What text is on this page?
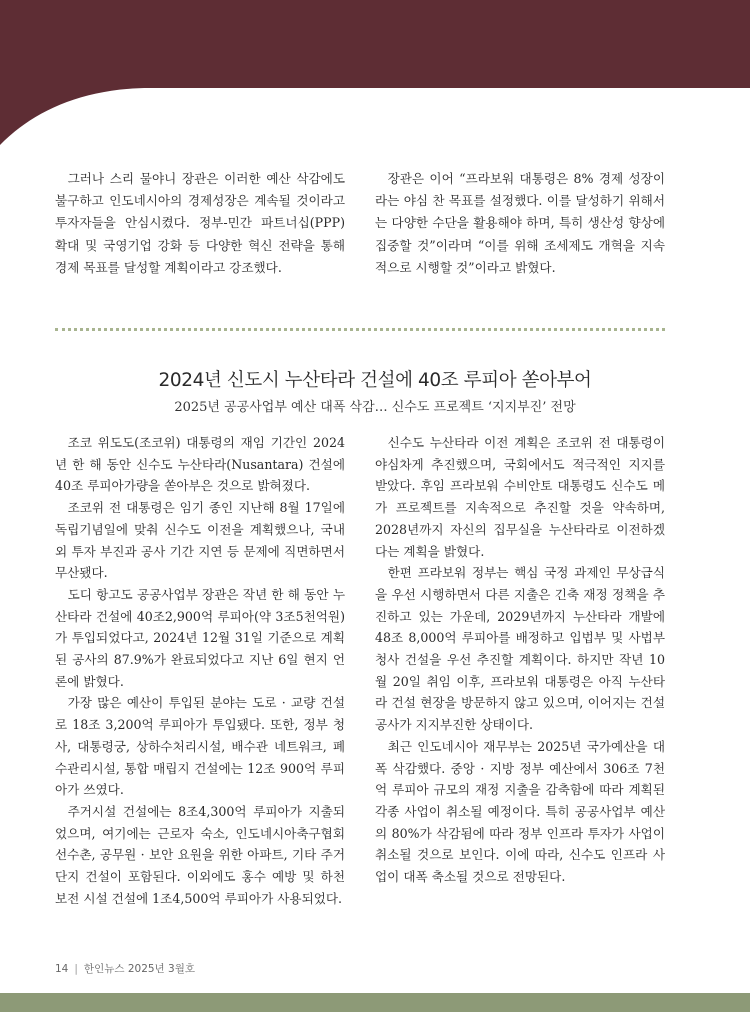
그러나 스리 물야니 장관은 이러한 예산 삭감에도 불구하고 인도네시아의 경제성장은 계속될 것이라고 투자자들을 안심시켰다. 정부-민간 파트너십(PPP) 확대 및 국영기업 강화 등 다양한 혁신 전략을 통해 경제 목표를 달성할 계획이라고 강조했다.

장관은 이어 “프라보워 대통령은 8% 경제 성장이라는 야심 찬 목표를 설정했다. 이를 달성하기 위해서는 다양한 수단을 활용해야 하며, 특히 생산성 향상에 집중할 것”이라며 “이를 위해 조세제도 개혁을 지속적으로 시행할 것”이라고 밝혔다.

2024년 신도시 누산타라 건설에 40조 루피아 쏟아부어
2025년 공공사업부 예산 대폭 삭감… 신수도 프로젝트 ‘지지부진’ 전망

조코 위도도(조코위) 대통령의 재임 기간인 2024년 한 해 동안 신수도 누산타라(Nusantara) 건설에 40조 루피아가량을 쏟아부은 것으로 밝혀졌다.

조코위 전 대통령은 임기 종인 지난해 8월 17일에 독립기념일에 맞춰 신수도 이전을 계획했으나, 국내외 투자 부진과 공사 기간 지연 등 문제에 직면하면서 무산됐다.

도디 항고도 공공사업부 장관은 작년 한 해 동안 누산타라 건설에 40조2,900억 루피아(약 3조5천억원)가 투입되었다고, 2024년 12월 31일 기준으로 계획된 공사의 87.9%가 완료되었다고 지난 6일 현지 언론에 밝혔다.

가장 많은 예산이 투입된 분야는 도로 · 교량 건설로 18조 3,200억 루피아가 투입됐다. 또한, 정부 청사, 대통령궁, 상하수처리시설, 배수관 네트워크, 폐수관리시설, 통합 매립지 건설에는 12조 900억 루피아가 쓰였다.

주거시설 건설에는 8조4,300억 루피아가 지출되었으며, 여기에는 근로자 숙소, 인도네시아축구협회 선수촌, 공무원 · 보안 요원을 위한 아파트, 기타 주거 단지 건설이 포함된다. 이외에도 홍수 예방 및 하천 보전 시설 건설에 1조4,500억 루피아가 사용되었다.

신수도 누산타라 이전 계획은 조코위 전 대통령이 야심차게 추진했으며, 국회에서도 적극적인 지지를 받았다. 후임 프라보워 수비안토 대통령도 신수도 메가 프로젝트를 지속적으로 추진할 것을 약속하며, 2028년까지 자신의 집무실을 누산타라로 이전하겠다는 계획을 밝혔다.

한편 프라보워 정부는 핵심 국정 과제인 무상급식을 우선 시행하면서 다른 지출은 긴축 재정 정책을 추진하고 있는 가운데, 2029년까지 누산타라 개발에 48조 8,000억 루피아를 배정하고 입법부 및 사법부 청사 건설을 우선 추진할 계획이다. 하지만 작년 10월 20일 취임 이후, 프라보워 대통령은 아직 누산타라 건설 현장을 방문하지 않고 있으며, 이어지는 건설 공사가 지지부진한 상태이다.

최근 인도네시아 재무부는 2025년 국가예산을 대폭 삭감했다. 중앙 · 지방 정부 예산에서 306조 7천억 루피아 규모의 재정 지출을 감축함에 따라 계획된 각종 사업이 취소될 예정이다. 특히 공공사업부 예산의 80%가 삭감됨에 따라 정부 인프라 투자가 사업이 취소될 것으로 보인다. 이에 따라, 신수도 인프라 사업이 대폭 축소될 것으로 전망된다.

14 | 한인뉴스 2025년 3월호
